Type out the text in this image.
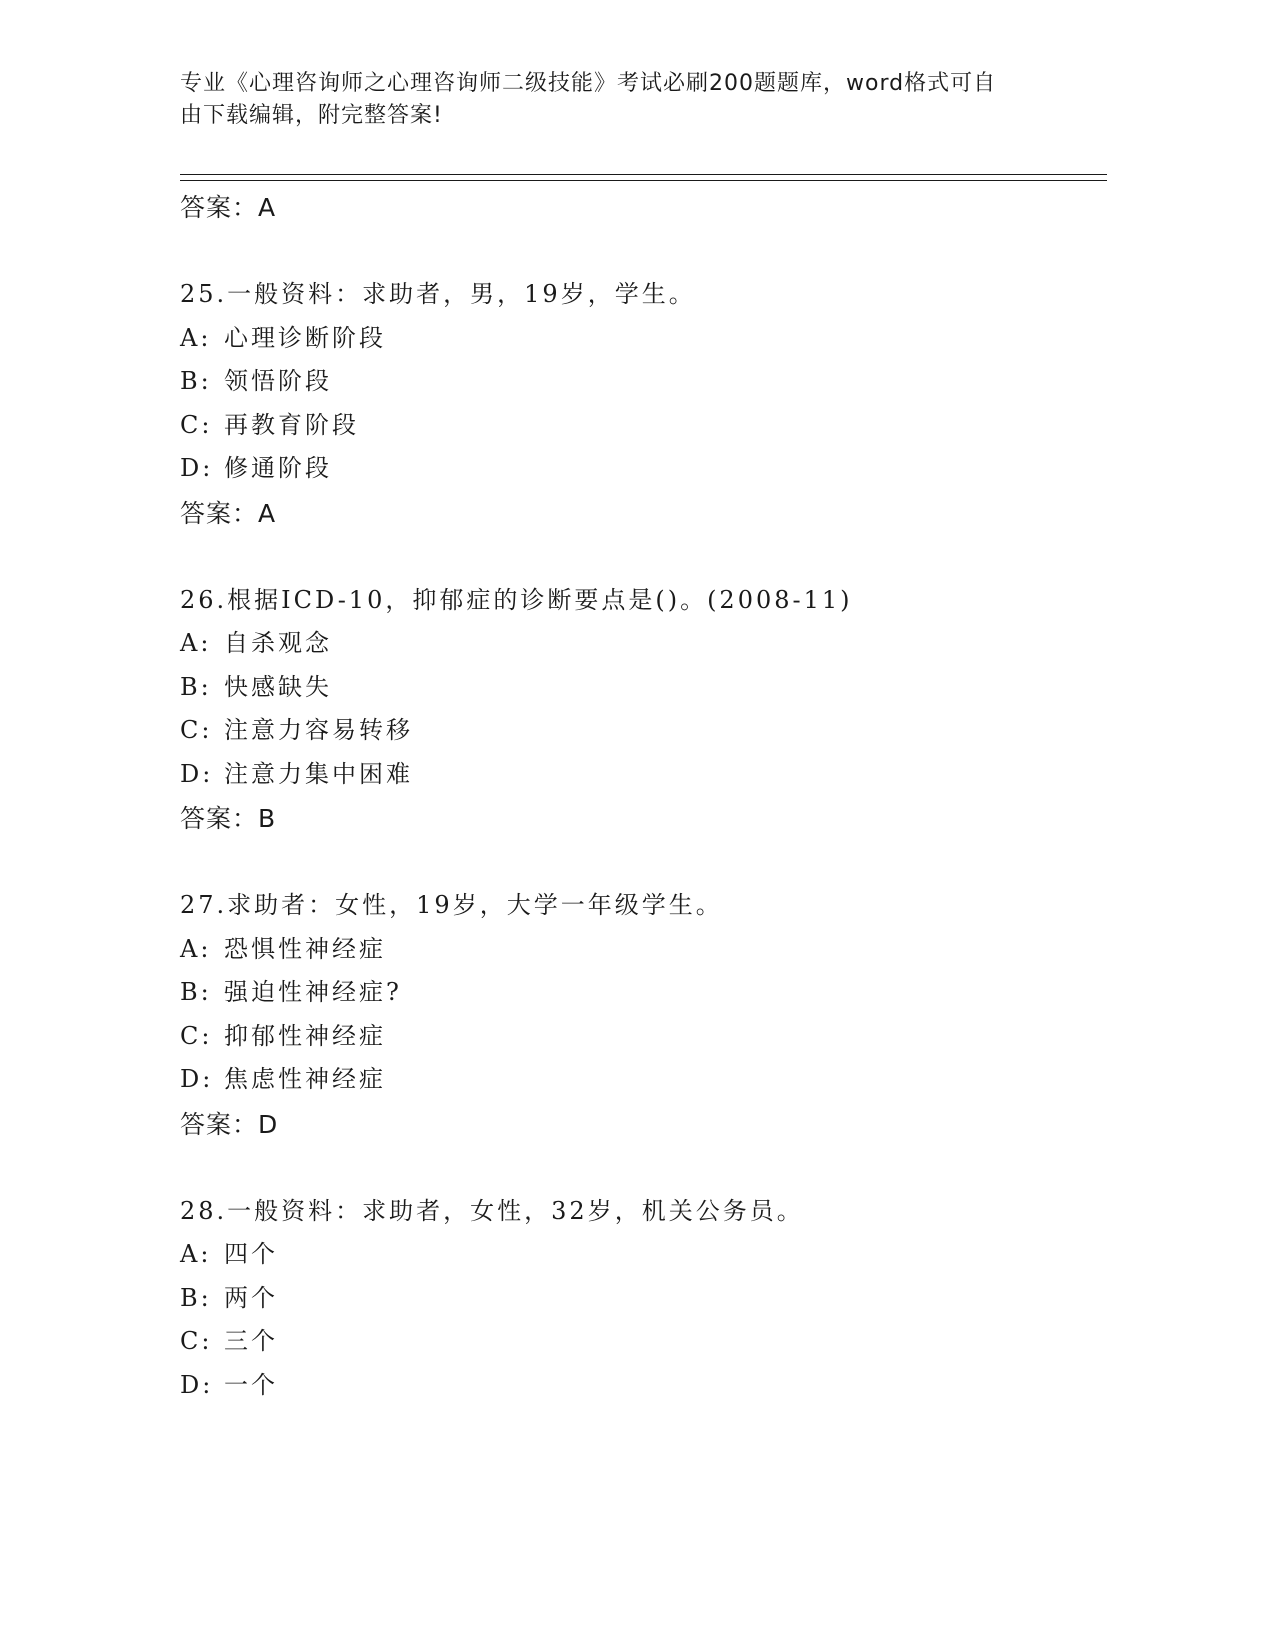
专业《心理咨询师之心理咨询师二级技能》考试必刷200题题库，word格式可自
由下载编辑，附完整答案!
答案：A
25.一般资料：求助者，男，19岁，学生。
A: 心理诊断阶段
B: 领悟阶段
C: 再教育阶段
D: 修通阶段
答案：A
26.根据ICD-10，抑郁症的诊断要点是()。(2008-11)
A: 自杀观念
B: 快感缺失
C: 注意力容易转移
D: 注意力集中困难
答案：B
27.求助者：女性，19岁，大学一年级学生。
A: 恐惧性神经症
B: 强迫性神经症?
C: 抑郁性神经症
D: 焦虑性神经症
答案：D
28.一般资料：求助者，女性，32岁，机关公务员。
A: 四个
B: 两个
C: 三个
D: 一个
